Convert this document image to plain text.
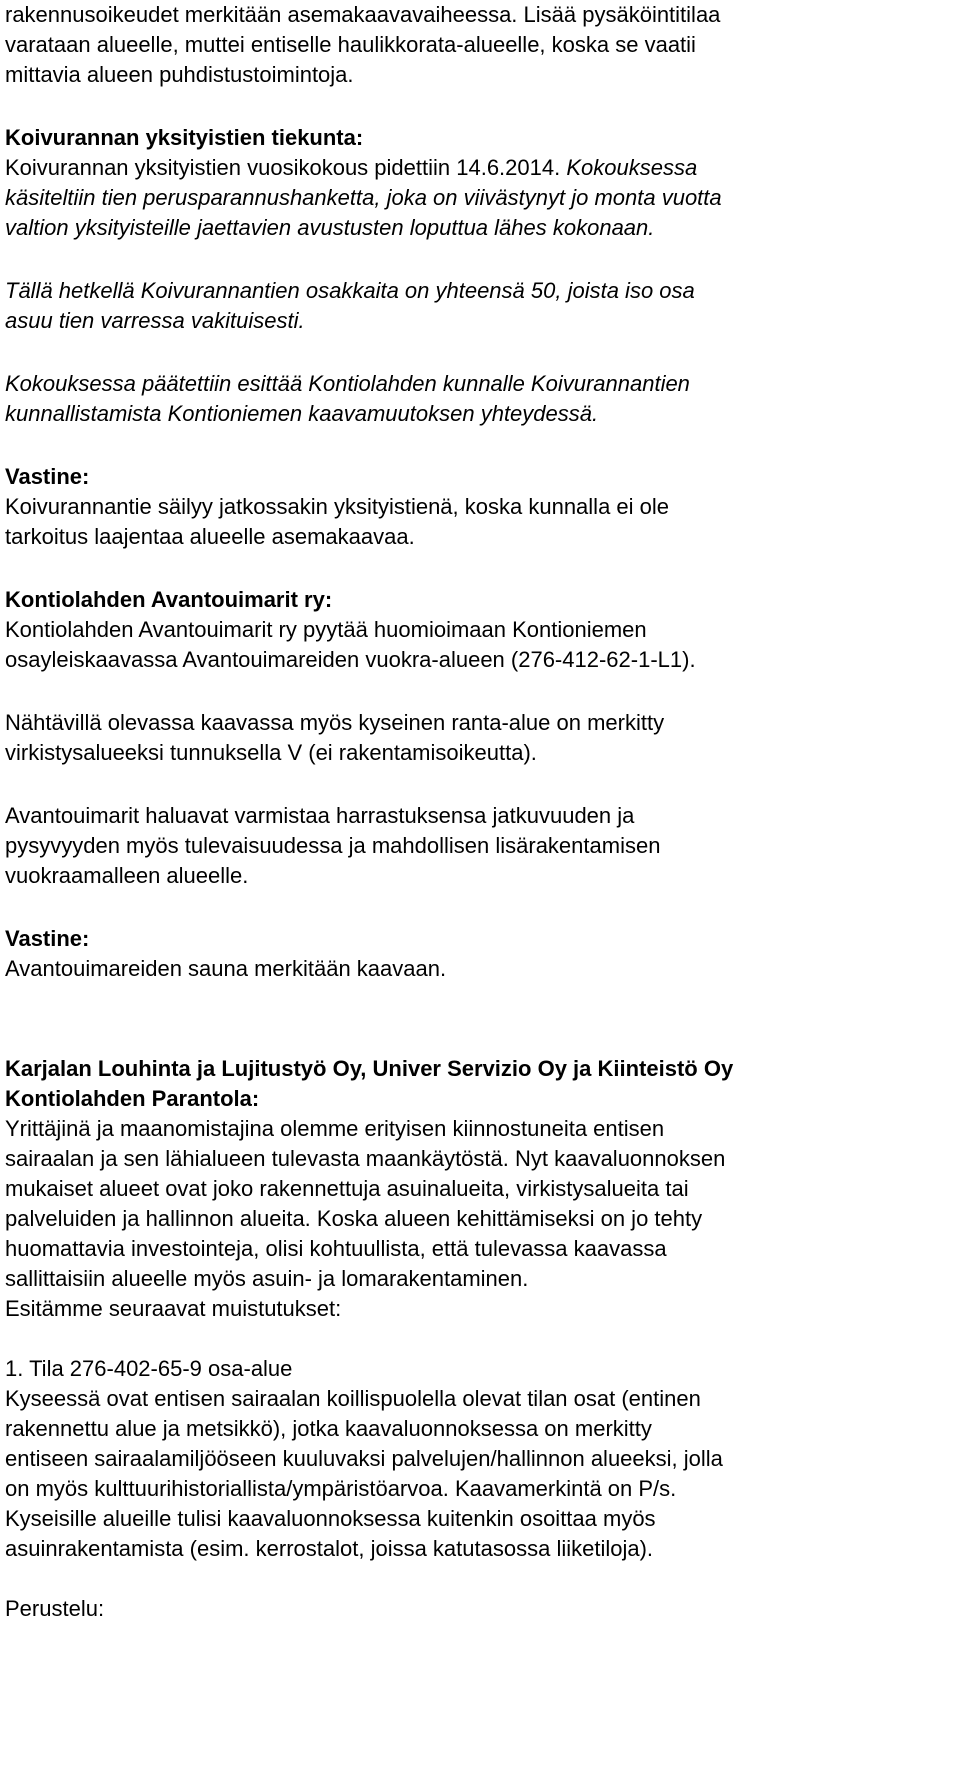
rakennusoikeudet merkitään asemakaavavaiheessa. Lisää pysäköintitilaa
varataan alueelle, muttei entiselle haulikkorata-alueelle, koska se vaatii
mittavia alueen puhdistustoimintoja.
Koivurannan yksityistien tiekunta:
Koivurannan yksityistien vuosikokous pidettiin 14.6.2014. Kokouksessa
käsiteltiin tien perusparannushanketta, joka on viivästynyt jo monta vuotta
valtion yksityisteille jaettavien avustusten loputtua lähes kokonaan.
Tällä hetkellä Koivurannantien osakkaita on yhteensä 50, joista iso osa
asuu tien varressa vakituisesti.
Kokouksessa päätettiin esittää Kontiolahden kunnalle Koivurannantien
kunnallistamista Kontioniemen kaavamuutoksen yhteydessä.
Vastine:
Koivurannantie säilyy jatkossakin yksityistienä, koska kunnalla ei ole
tarkoitus laajentaa alueelle asemakaavaa.
Kontiolahden Avantouimarit ry:
Kontiolahden Avantouimarit ry pyytää huomioimaan Kontioniemen
osayleiskaavassa Avantouimareiden vuokra-alueen (276-412-62-1-L1).
Nähtävillä olevassa kaavassa myös kyseinen ranta-alue on merkitty
virkistysalueeksi tunnuksella V (ei rakentamisoikeutta).
Avantouimarit haluavat varmistaa harrastuksensa jatkuvuuden ja
pysyvyyden myös tulevaisuudessa ja mahdollisen lisärakentamisen
vuokraamalleen alueelle.
Vastine:
Avantouimareiden sauna merkitään kaavaan.
Karjalan Louhinta ja Lujitustyö Oy, Univer Servizio Oy ja Kiinteistö Oy
Kontiolahden Parantola:
Yrittäjinä ja maanomistajina olemme erityisen kiinnostuneita entisen
sairaalan ja sen lähialueen tulevasta maankäytöstä. Nyt kaavaluonnoksen
mukaiset alueet ovat joko rakennettuja asuinalueita, virkistysalueita tai
palveluiden ja hallinnon alueita. Koska alueen kehittämiseksi on jo tehty
huomattavia investointeja, olisi kohtuullista, että tulevassa kaavassa
sallittaisiin alueelle myös asuin- ja lomarakentaminen.
Esitämme seuraavat muistutukset:
1. Tila 276-402-65-9 osa-alue
Kyseessä ovat entisen sairaalan koillispuolella olevat tilan osat (entinen
rakennettu alue ja metsikkö), jotka kaavaluonnoksessa on merkitty
entiseen sairaalamiljööseen kuuluvaksi palvelujen/hallinnon alueeksi, jolla
on myös kulttuurihistoriallista/ympäristöarvoa. Kaavamerkintä on P/s.
Kyseisille alueille tulisi kaavaluonnoksessa kuitenkin osoittaa myös
asuinrakentamista (esim. kerrostalot, joissa katutasossa liiketiloja).
Perustelu:
